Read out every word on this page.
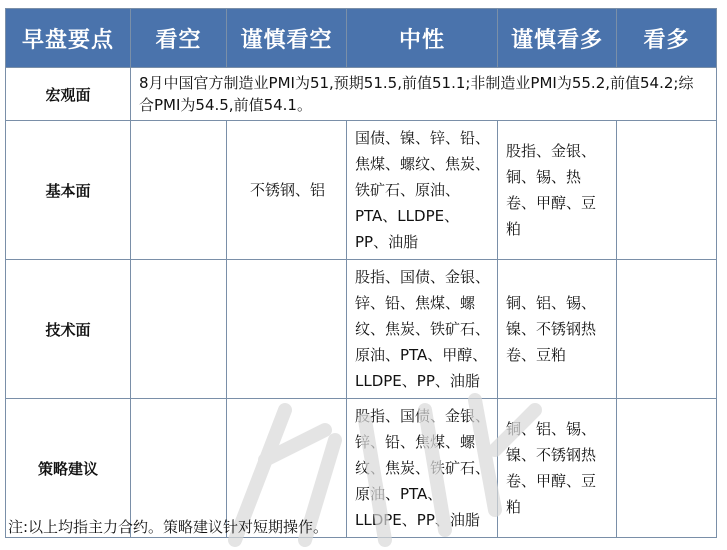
早盘要点	看空	谨慎看空	中性	谨慎看多	看多
宏观面	8月中国官方制造业PMI为51,预期51.5,前值51.1;非制造业PMI为55.2,前值54.2;综合PMI为54.5,前值54.1。				
基本面		不锈钢、铝	国债、镍、锌、铅、焦煤、螺纹、焦炭、铁矿石、原油、PTA、LLDPE、PP、油脂	股指、金银、铜、锡、热卷、甲醇、豆粕	
技术面			股指、国债、金银、锌、铅、焦煤、螺纹、焦炭、铁矿石、原油、PTA、甲醇、LLDPE、PP、油脂	铜、铝、锡、镍、不锈钢热卷、豆粕	
策略建议			股指、国债、金银、锌、铅、焦煤、螺纹、焦炭、铁矿石、原油、PTA、LLDPE、PP、油脂	铜、铝、锡、镍、不锈钢热卷、甲醇、豆粕	
注:以上均指主力合约。策略建议针对短期操作。
